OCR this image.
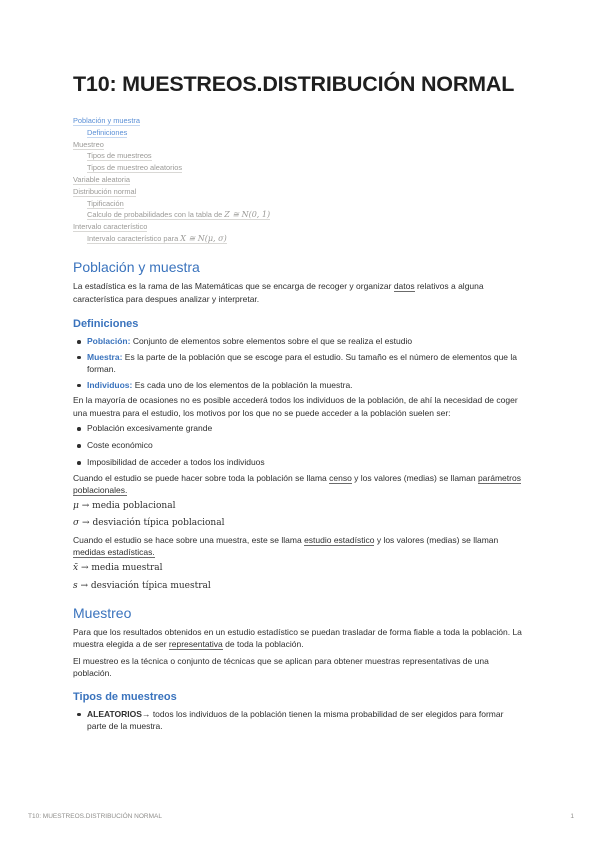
T10: MUESTREOS.DISTRIBUCIÓN NORMAL
Población y muestra
Definiciones
Muestreo
Tipos de muestreos
Tipos de muestreo aleatorios
Variable aleatoria
Distribución normal
Tipificación
Calculo de probabilidades con la tabla de Z ≅ N(0, 1)
Intervalo característico
Intervalo característico para X ≅ N(μ, σ)
Población y muestra

La estadística es la rama de las Matemáticas que se encarga de recoger y organizar datos relativos a alguna característica para despues analizar y interpretar.

Definiciones
Población: Conjunto de elementos sobre elementos sobre el que se realiza el estudio
Muestra: Es la parte de la población que se escoge para el estudio. Su tamaño es el número de elementos que la forman.
Individuos: Es cada uno de los elementos de la población la muestra.

En la mayoría de ocasiones no es posible accederá todos los individuos de la población, de ahí la necesidad de coger una muestra para el estudio, los motivos por los que no se puede acceder a la población suelen ser:

Población excesivamente grande
Coste económico
Imposibilidad de acceder a todos los individuos

Cuando el estudio se puede hacer sobre toda la población se llama censo y los valores (medias) se llaman parámetros poblacionales.

μ → media poblacional
σ → desviación típica poblacional

Cuando el estudio se hace sobre una muestra, este se llama estudio estadístico y los valores (medias) se llaman medidas estadísticas.

x̄ → media muestral
s → desviación típica muestral
Muestreo

Para que los resultados obtenidos en un estudio estadístico se puedan trasladar de forma fiable a toda la población. La muestra elegida a de ser representativa de toda la población.

El muestreo es la técnica o conjunto de técnicas que se aplican para obtener muestras representativas de una población.

Tipos de muestreos
ALEATORIOS→ todos los individuos de la población tienen la misma probabilidad de ser elegidos para formar parte de la muestra.
T10: MUESTREOS.DISTRIBUCIÓN NORMAL	1
